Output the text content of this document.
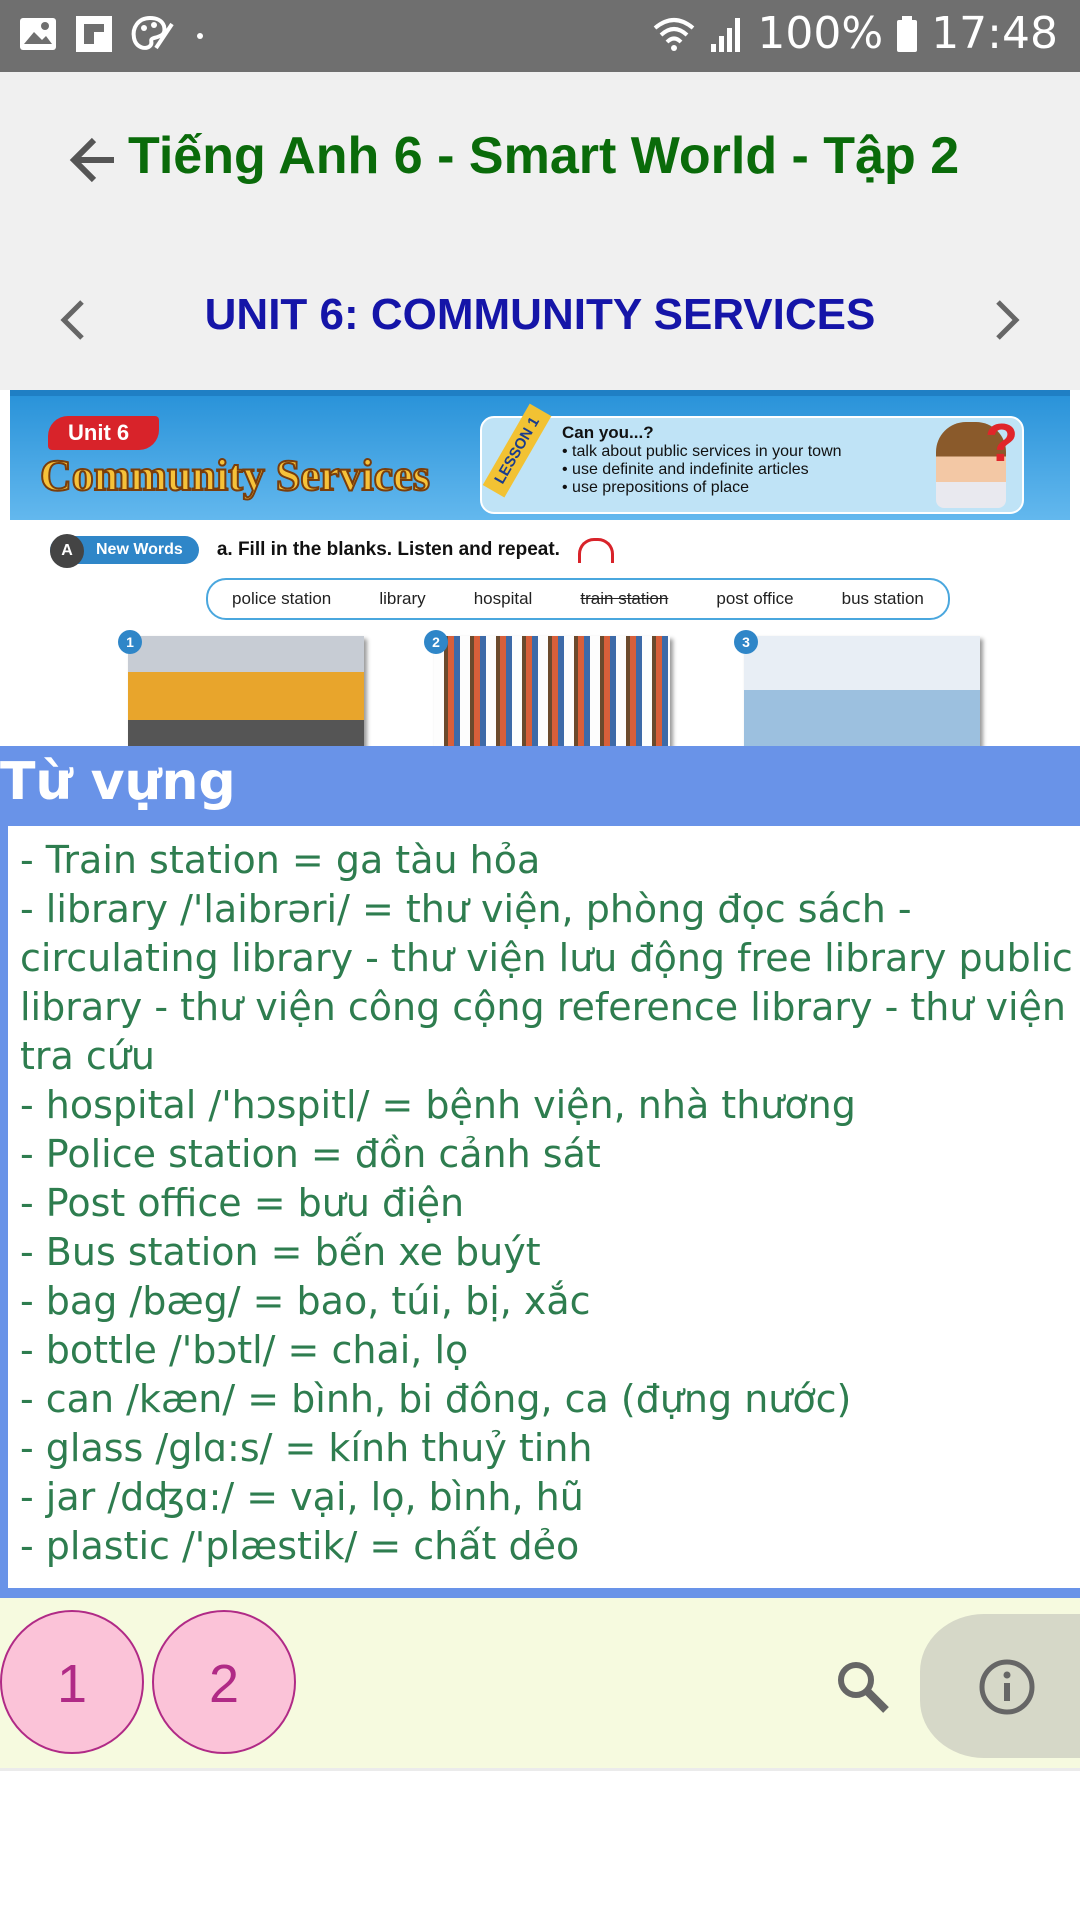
100% 17:48
Tiếng Anh 6 - Smart World - Tập 2
UNIT 6: COMMUNITY SERVICES
Unit 6
Community Services	LESSON 1	Can you...?
• talk about public services in your town
• use definite and indefinite articles
• use prepositions of place
?
A New Words	a. Fill in the blanks. Listen and repeat.
police station	library	hospital	train station	post office	bus station
1	2	3
Từ vựng
- Train station = ga tàu hỏa
- library /'laibrəri/ = thư viện, phòng đọc sách -
circulating library - thư viện lưu động free library public
library - thư viện công cộng reference library - thư viện
tra cứu
- hospital /'hɔspitl/ = bệnh viện, nhà thương
- Police station = đồn cảnh sát
- Post office = bưu điện
- Bus station = bến xe buýt
- bag /bæg/ = bao, túi, bị, xắc
- bottle /'bɔtl/ = chai, lọ
- can /kæn/ = bình, bi đông, ca (đựng nước)
- glass /glɑ:s/ = kính thuỷ tinh
- jar /dʤɑ:/ = vại, lọ, bình, hũ
- plastic /'plæstik/ = chất dẻo
1	2
